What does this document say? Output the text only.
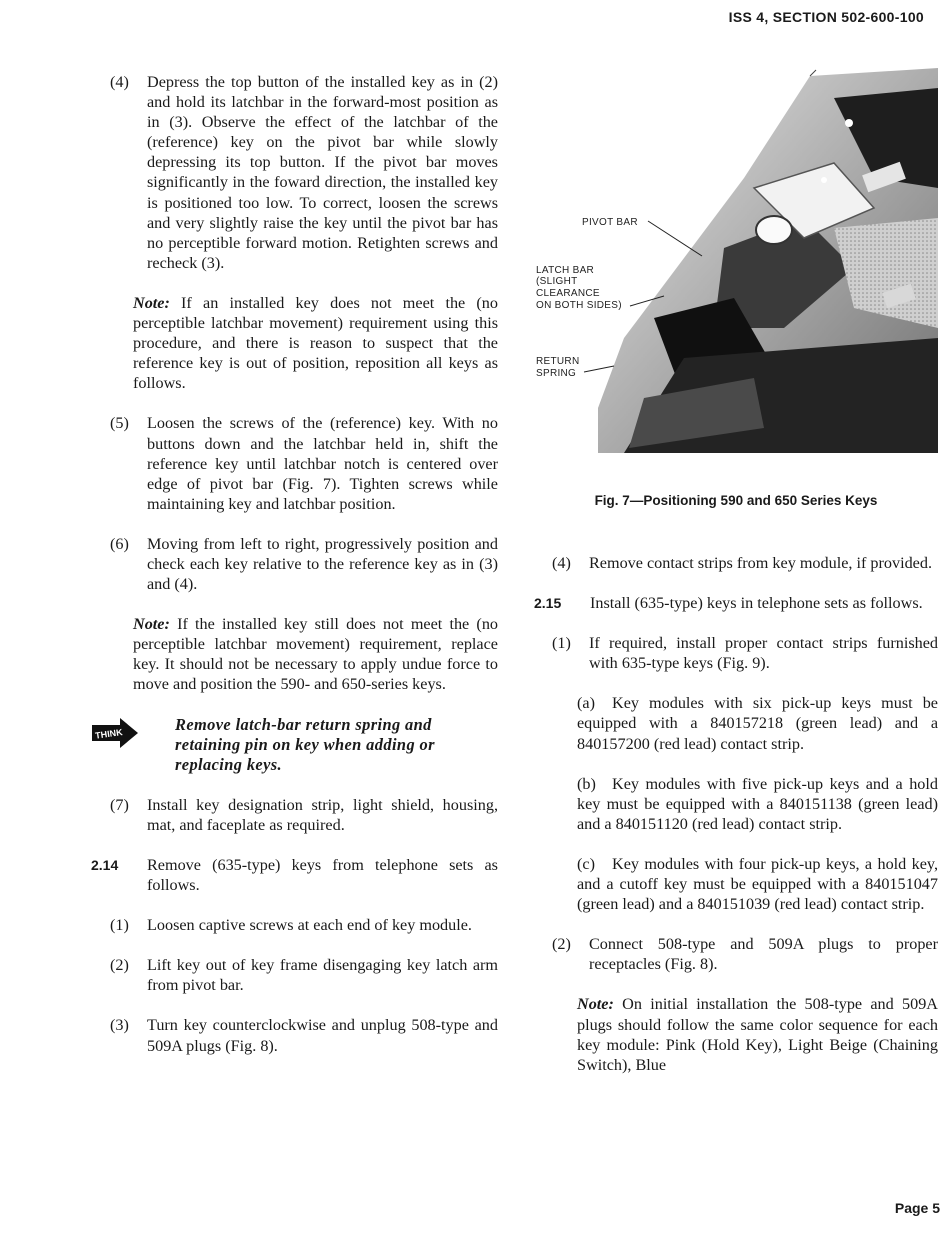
ISS 4, SECTION 502-600-100

(4) Depress the top button of the installed key as in (2) and hold its latchbar in the forward-most position as in (3). Observe the effect of the latchbar of the (reference) key on the pivot bar while slowly depressing its top button. If the pivot bar moves significantly in the foward direction, the installed key is positioned too low. To correct, loosen the screws and very slightly raise the key until the pivot bar has no perceptible forward motion. Retighten screws and recheck (3).

Note: If an installed key does not meet the (no perceptible latchbar movement) requirement using this procedure, and there is reason to suspect that the reference key is out of position, reposition all keys as follows.

(5) Loosen the screws of the (reference) key. With no buttons down and the latchbar held in, shift the reference key until latchbar notch is centered over edge of pivot bar (Fig. 7). Tighten screws while maintaining key and latchbar position.

(6) Moving from left to right, progressively position and check each key relative to the reference key as in (3) and (4).

Note: If the installed key still does not meet the (no perceptible latchbar movement) requirement, replace key. It should not be necessary to apply undue force to move and position the 590- and 650-series keys.

THINK	Remove latch-bar return spring and retaining pin on key when adding or replacing keys.

(7) Install key designation strip, light shield, housing, mat, and faceplate as required.

2.14 Remove (635-type) keys from telephone sets as follows.

(1) Loosen captive screws at each end of key module.

(2) Lift key out of key frame disengaging key latch arm from pivot bar.

(3) Turn key counterclockwise and unplug 508-type and 509A plugs (Fig. 8).

PIVOT BAR
LATCH BAR
(SLIGHT
CLEARANCE
ON BOTH SIDES)
RETURN
SPRING
Fig. 7—Positioning 590 and 650 Series Keys

(4) Remove contact strips from key module, if provided.

2.15 Install (635-type) keys in telephone sets as follows.

(1) If required, install proper contact strips furnished with 635-type keys (Fig. 9).

(a) Key modules with six pick-up keys must be equipped with a 840157218 (green lead) and a 840157200 (red lead) contact strip.

(b) Key modules with five pick-up keys and a hold key must be equipped with a 840151138 (green lead) and a 840151120 (red lead) contact strip.

(c) Key modules with four pick-up keys, a hold key, and a cutoff key must be equipped with a 840151047 (green lead) and a 840151039 (red lead) contact strip.

(2) Connect 508-type and 509A plugs to proper receptacles (Fig. 8).

Note: On initial installation the 508-type and 509A plugs should follow the same color sequence for each key module: Pink (Hold Key), Light Beige (Chaining Switch), Blue

Page 5
